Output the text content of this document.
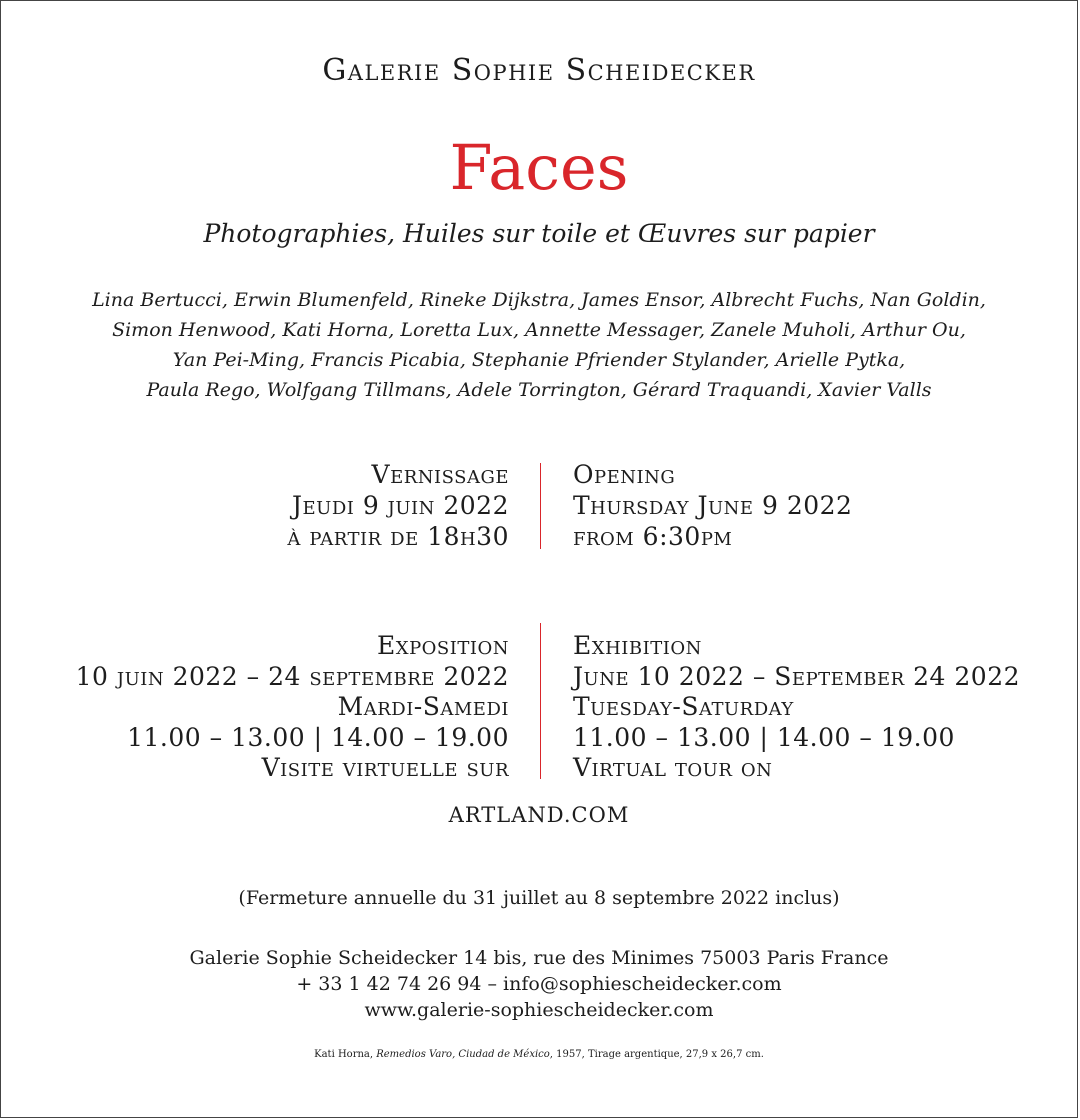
Galerie Sophie Scheidecker
Faces
Photographies, Huiles sur toile et Œuvres sur papier
Lina Bertucci, Erwin Blumenfeld, Rineke Dijkstra, James Ensor, Albrecht Fuchs, Nan Goldin,
Simon Henwood, Kati Horna, Loretta Lux, Annette Messager, Zanele Muholi, Arthur Ou,
Yan Pei-Ming, Francis Picabia, Stephanie Pfriender Stylander, Arielle Pytka,
Paula Rego, Wolfgang Tillmans, Adele Torrington, Gérard Traquandi, Xavier Valls
Vernissage
Jeudi 9 juin 2022
à partir de 18h30
Opening
Thursday June 9 2022
from 6:30pm
Exposition
10 juin 2022 – 24 septembre 2022
Mardi-Samedi
11.00 – 13.00 | 14.00 – 19.00
Visite virtuelle sur
Exhibition
June 10 2022 – September 24 2022
Tuesday-Saturday
11.00 – 13.00 | 14.00 – 19.00
Virtual tour on
ARTLAND.COM
(Fermeture annuelle du 31 juillet au 8 septembre 2022 inclus)
Galerie Sophie Scheidecker 14 bis, rue des Minimes 75003 Paris France
+ 33 1 42 74 26 94 – info@sophiescheidecker.com
www.galerie-sophiescheidecker.com
Kati Horna, Remedios Varo, Ciudad de México, 1957, Tirage argentique, 27,9 x 26,7 cm.
